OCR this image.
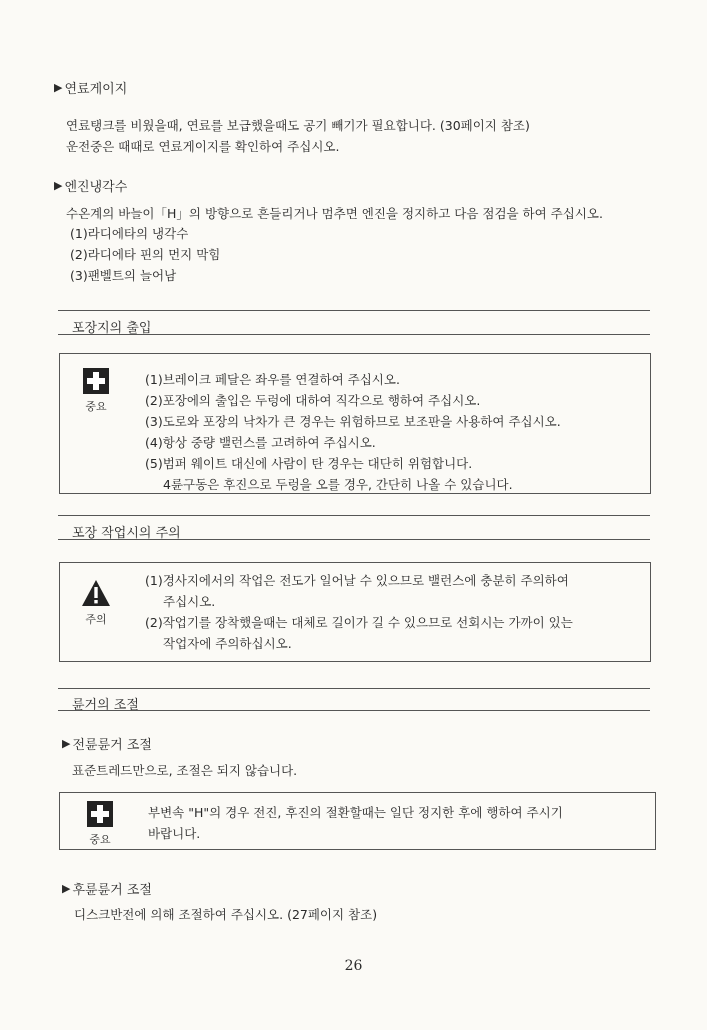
▶ 연료게이지
연료탱크를 비웠을때, 연료를 보급했을때도 공기 빼기가 필요합니다. (30페이지 참조)
운전중은 때때로 연료게이지를 확인하여 주십시오.
▶ 엔진냉각수
수온계의 바늘이「H」의 방향으로 흔들리거나 멈추면 엔진을 정지하고 다음 점검을 하여 주십시오.
(1)라디에타의 냉각수
(2)라디에타 핀의 먼지 막힘
(3)팬벨트의 늘어남
포장지의 출입
중요
(1)브레이크 페달은 좌우를 연결하여 주십시오.
(2)포장에의 출입은 두렁에 대하여 직각으로 행하여 주십시오.
(3)도로와 포장의 낙차가 큰 경우는 위험하므로 보조판을 사용하여 주십시오.
(4)항상 중량 밸런스를 고려하여 주십시오.
(5)범퍼 웨이트 대신에 사람이 탄 경우는 대단히 위험합니다.
4륜구동은 후진으로 두렁을 오를 경우, 간단히 나올 수 있습니다.
포장 작업시의 주의
주의
(1)경사지에서의 작업은 전도가 일어날 수 있으므로 밸런스에 충분히 주의하여
주십시오.
(2)작업기를 장착했을때는 대체로 길이가 길 수 있으므로 선회시는 가까이 있는
작업자에 주의하십시오.
륜거의 조절
▶ 전륜륜거 조절
표준트레드만으로, 조절은 되지 않습니다.
중요
부변속 "H"의 경우 전진, 후진의 절환할때는 일단 정지한 후에 행하여 주시기
바랍니다.
▶ 후륜륜거 조절
디스크반전에 의해 조절하여 주십시오. (27페이지 참조)
26
